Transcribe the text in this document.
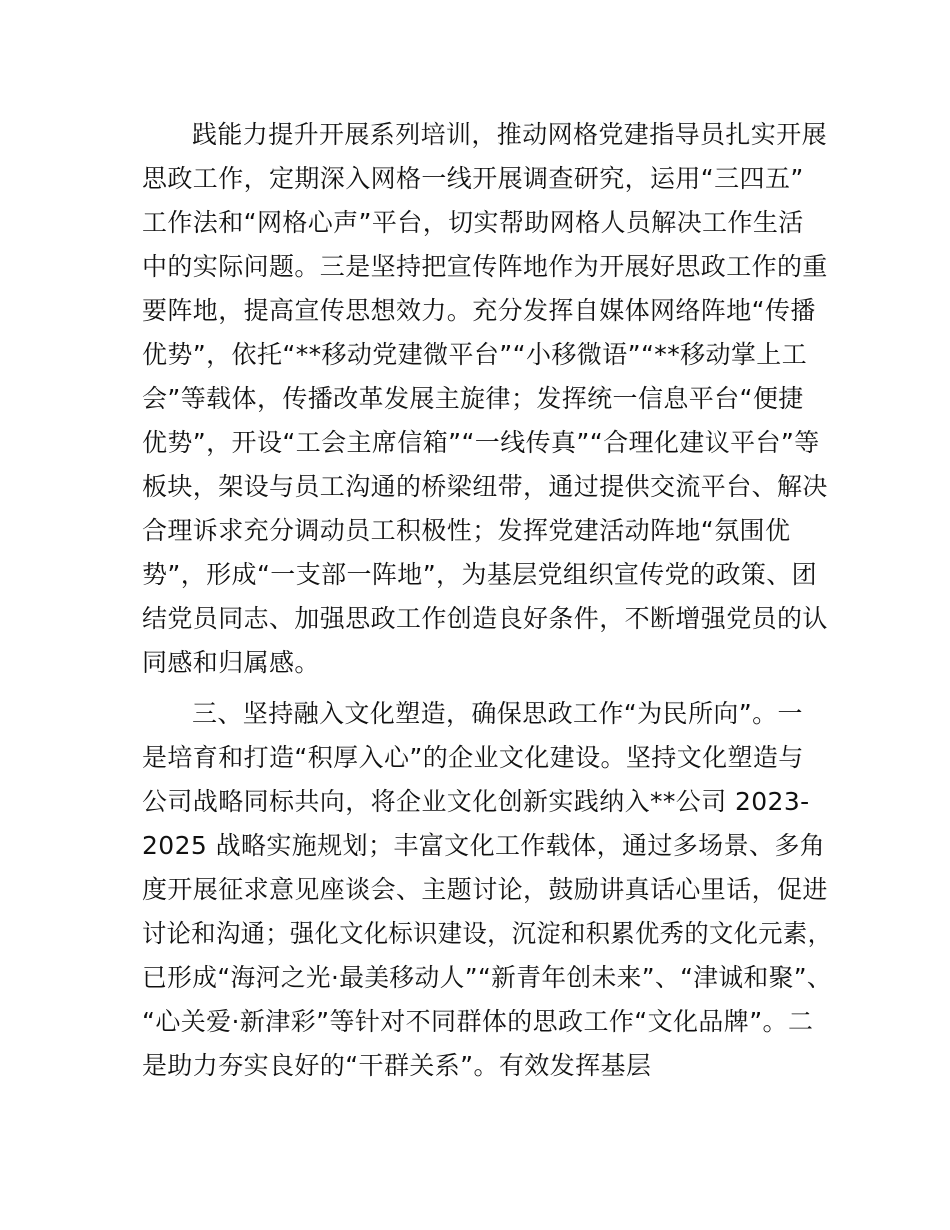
践能力提升开展系列培训，推动网格党建指导员扎实开展
思政工作，定期深入网格一线开展调查研究，运用“三四五”
工作法和“网格心声”平台，切实帮助网格人员解决工作生活
中的实际问题。三是坚持把宣传阵地作为开展好思政工作的重
要阵地，提高宣传思想效力。充分发挥自媒体网络阵地“传播
优势”，依托“**移动党建微平台”“小移微语”“**移动掌上工
会”等载体，传播改革发展主旋律；发挥统一信息平台“便捷
优势”，开设“工会主席信箱”“一线传真”“合理化建议平台”等
板块，架设与员工沟通的桥梁纽带，通过提供交流平台、解决
合理诉求充分调动员工积极性；发挥党建活动阵地“氛围优
势”，形成“一支部一阵地”，为基层党组织宣传党的政策、团
结党员同志、加强思政工作创造良好条件，不断增强党员的认
同感和归属感。
三、坚持融入文化塑造，确保思政工作“为民所向”。一
是培育和打造“积厚入心”的企业文化建设。坚持文化塑造与
公司战略同标共向，将企业文化创新实践纳入**公司 2023-
2025 战略实施规划；丰富文化工作载体，通过多场景、多角
度开展征求意见座谈会、主题讨论，鼓励讲真话心里话，促进
讨论和沟通；强化文化标识建设，沉淀和积累优秀的文化元素，
已形成“海河之光·最美移动人”“新青年创未来”、“津诚和聚”、
“心关爱·新津彩”等针对不同群体的思政工作“文化品牌”。二
是助力夯实良好的“干群关系”。有效发挥基层
